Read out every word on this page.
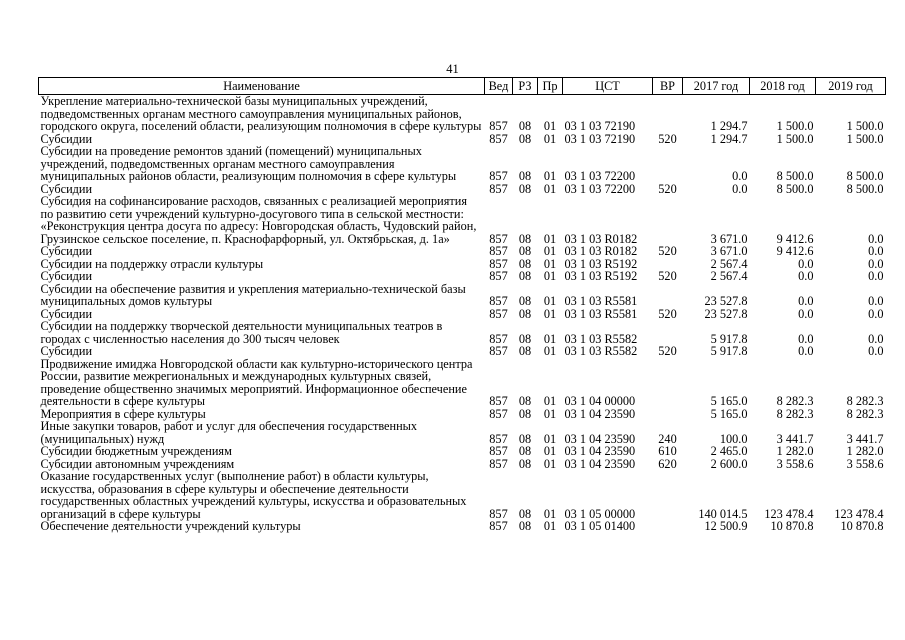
41
Наименование	Вед	РЗ	Пр	ЦСТ	ВР	2017 год	2018 год	2019 год
Укрепление материально-технической базы муниципальных учреждений, подведомственных органам местного самоуправления муниципальных районов, городского округа, поселений области, реализующим полномочия в сфере культуры	857	08	01	03 1 03 72190		1 294.7	1 500.0	1 500.0
Субсидии	857	08	01	03 1 03 72190	520	1 294.7	1 500.0	1 500.0
Субсидии на проведение ремонтов зданий (помещений) муниципальных учреждений, подведомственных органам местного самоуправления муниципальных районов области, реализующим полномочия в сфере культуры	857	08	01	03 1 03 72200		0.0	8 500.0	8 500.0
Субсидии	857	08	01	03 1 03 72200	520	0.0	8 500.0	8 500.0
Субсидия на софинансирование расходов, связанных с реализацией мероприятия по развитию сети учреждений культурно-досугового типа в сельской местности: «Реконструкция центра досуга по адресу: Новгородская область, Чудовский район, Грузинское сельское поселение, п. Краснофарфорный, ул. Октябрьская, д. 1а»	857	08	01	03 1 03 R0182		3 671.0	9 412.6	0.0
Субсидии	857	08	01	03 1 03 R0182	520	3 671.0	9 412.6	0.0
Субсидии на поддержку отрасли культуры	857	08	01	03 1 03 R5192		2 567.4	0.0	0.0
Субсидии	857	08	01	03 1 03 R5192	520	2 567.4	0.0	0.0
Субсидии на обеспечение развития и укрепления материально-технической базы муниципальных домов культуры	857	08	01	03 1 03 R5581		23 527.8	0.0	0.0
Субсидии	857	08	01	03 1 03 R5581	520	23 527.8	0.0	0.0
Субсидии на поддержку творческой деятельности муниципальных театров в городах с численностью населения до 300 тысяч человек	857	08	01	03 1 03 R5582		5 917.8	0.0	0.0
Субсидии	857	08	01	03 1 03 R5582	520	5 917.8	0.0	0.0
Продвижение имиджа Новгородской области как культурно-исторического центра России, развитие межрегиональных и международных культурных связей, проведение общественно значимых мероприятий. Информационное обеспечение деятельности в сфере культуры	857	08	01	03 1 04 00000		5 165.0	8 282.3	8 282.3
Мероприятия в сфере культуры	857	08	01	03 1 04 23590		5 165.0	8 282.3	8 282.3
Иные закупки товаров, работ и услуг для обеспечения государственных (муниципальных) нужд	857	08	01	03 1 04 23590	240	100.0	3 441.7	3 441.7
Субсидии бюджетным учреждениям	857	08	01	03 1 04 23590	610	2 465.0	1 282.0	1 282.0
Субсидии автономным учреждениям	857	08	01	03 1 04 23590	620	2 600.0	3 558.6	3 558.6
Оказание государственных услуг (выполнение работ) в области культуры, искусства, образования в сфере культуры и обеспечение деятельности государственных областных учреждений культуры, искусства и образовательных организаций в сфере культуры	857	08	01	03 1 05 00000		140 014.5	123 478.4	123 478.4
Обеспечение деятельности учреждений культуры	857	08	01	03 1 05 01400		12 500.9	10 870.8	10 870.8
